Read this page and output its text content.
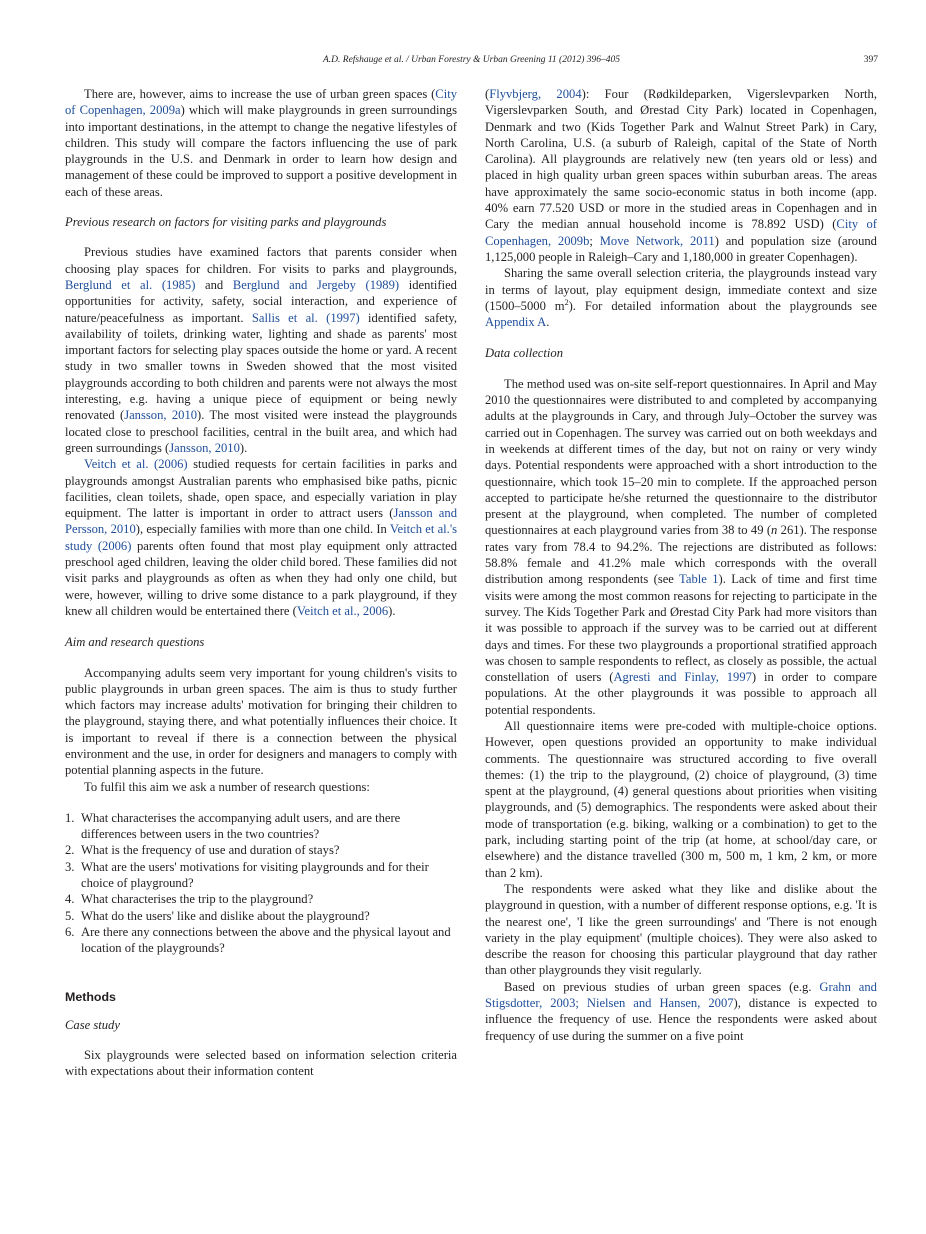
A.D. Refshauge et al. / Urban Forestry & Urban Greening 11 (2012) 396–405	397

There are, however, aims to increase the use of urban green spaces (City of Copenhagen, 2009a) which will make playgrounds in green surroundings into important destinations, in the attempt to change the negative lifestyles of children. This study will compare the factors influencing the use of park playgrounds in the U.S. and Denmark in order to learn how design and management of these could be improved to support a positive development in each of these areas.

Previous research on factors for visiting parks and playgrounds

Previous studies have examined factors that parents consider when choosing play spaces for children. For visits to parks and playgrounds, Berglund et al. (1985) and Berglund and Jergeby (1989) identified opportunities for activity, safety, social interaction, and experience of nature/peacefulness as important. Sallis et al. (1997) identified safety, availability of toilets, drinking water, lighting and shade as parents' most important factors for selecting play spaces outside the home or yard. A recent study in two smaller towns in Sweden showed that the most visited playgrounds according to both children and parents were not always the most interesting, e.g. having a unique piece of equipment or being newly renovated (Jansson, 2010). The most visited were instead the playgrounds located close to preschool facilities, central in the built area, and which had green surroundings (Jansson, 2010).

Veitch et al. (2006) studied requests for certain facilities in parks and playgrounds amongst Australian parents who emphasised bike paths, picnic facilities, clean toilets, shade, open space, and especially variation in play equipment. The latter is important in order to attract users (Jansson and Persson, 2010), especially families with more than one child. In Veitch et al.'s study (2006) parents often found that most play equipment only attracted preschool aged children, leaving the older child bored. These families did not visit parks and playgrounds as often as when they had only one child, but were, however, willing to drive some distance to a park playground, if they knew all children would be entertained there (Veitch et al., 2006).

Aim and research questions

Accompanying adults seem very important for young children's visits to public playgrounds in urban green spaces. The aim is thus to study further which factors may increase adults' motivation for bringing their children to the playground, staying there, and what potentially influences their choice. It is important to reveal if there is a connection between the physical environment and the use, in order for designers and managers to comply with potential planning aspects in the future.

To fulfil this aim we ask a number of research questions:

1. What characterises the accompanying adult users, and are there differences between users in the two countries?
2. What is the frequency of use and duration of stays?
3. What are the users' motivations for visiting playgrounds and for their choice of playground?
4. What characterises the trip to the playground?
5. What do the users' like and dislike about the playground?
6. Are there any connections between the above and the physical layout and location of the playgrounds?
Methods
Case study

Six playgrounds were selected based on information selection criteria with expectations about their information content

(Flyvbjerg, 2004): Four (Rødkildeparken, Vigerslevparken North, Vigerslevparken South, and Ørestad City Park) located in Copenhagen, Denmark and two (Kids Together Park and Walnut Street Park) in Cary, North Carolina, U.S. (a suburb of Raleigh, capital of the State of North Carolina). All playgrounds are relatively new (ten years old or less) and placed in high quality urban green spaces within suburban areas. The areas have approximately the same socio-economic status in both income (app. 40% earn 77.520 USD or more in the studied areas in Copenhagen and in Cary the median annual household income is 78.892 USD) (City of Copenhagen, 2009b; Move Network, 2011) and population size (around 1,125,000 people in Raleigh–Cary and 1,180,000 in greater Copenhagen).

Sharing the same overall selection criteria, the playgrounds instead vary in terms of layout, play equipment design, immediate context and size (1500–5000 $m^2$). For detailed information about the playgrounds see Appendix A.

Data collection

The method used was on-site self-report questionnaires. In April and May 2010 the questionnaires were distributed to and completed by accompanying adults at the playgrounds in Cary, and through July–October the survey was carried out in Copenhagen. The survey was carried out on both weekdays and in weekends at different times of the day, but not on rainy or very windy days. Potential respondents were approached with a short introduction to the questionnaire, which took 15–20 min to complete. If the approached person accepted to participate he/she returned the questionnaire to the distributor present at the playground, when completed. The number of completed questionnaires at each playground varies from 38 to 49 (n 261). The response rates vary from 78.4 to 94.2%. The rejections are distributed as follows: 58.8% female and 41.2% male which corresponds with the overall distribution among respondents (see Table 1). Lack of time and first time visits were among the most common reasons for rejecting to participate in the survey. The Kids Together Park and Ørestad City Park had more visitors than it was possible to approach if the survey was to be carried out at different days and times. For these two playgrounds a proportional stratified approach was chosen to sample respondents to reflect, as closely as possible, the actual constellation of users (Agresti and Finlay, 1997) in order to compare populations. At the other playgrounds it was possible to approach all potential respondents.

All questionnaire items were pre-coded with multiple-choice options. However, open questions provided an opportunity to make individual comments. The questionnaire was structured according to five overall themes: (1) the trip to the playground, (2) choice of playground, (3) time spent at the playground, (4) general questions about priorities when visiting playgrounds, and (5) demographics. The respondents were asked about their mode of transportation (e.g. biking, walking or a combination) to get to the park, including starting point of the trip (at home, at school/day care, or elsewhere) and the distance travelled (300 m, 500 m, 1 km, 2 km, or more than 2 km).

The respondents were asked what they like and dislike about the playground in question, with a number of different response options, e.g. 'It is the nearest one', 'I like the green surroundings' and 'There is not enough variety in the play equipment' (multiple choices). They were also asked to describe the reason for choosing this particular playground that day rather than other playgrounds they visit regularly.

Based on previous studies of urban green spaces (e.g. Grahn and Stigsdotter, 2003; Nielsen and Hansen, 2007), distance is expected to influence the frequency of use. Hence the respondents were asked about frequency of use during the summer on a five point
